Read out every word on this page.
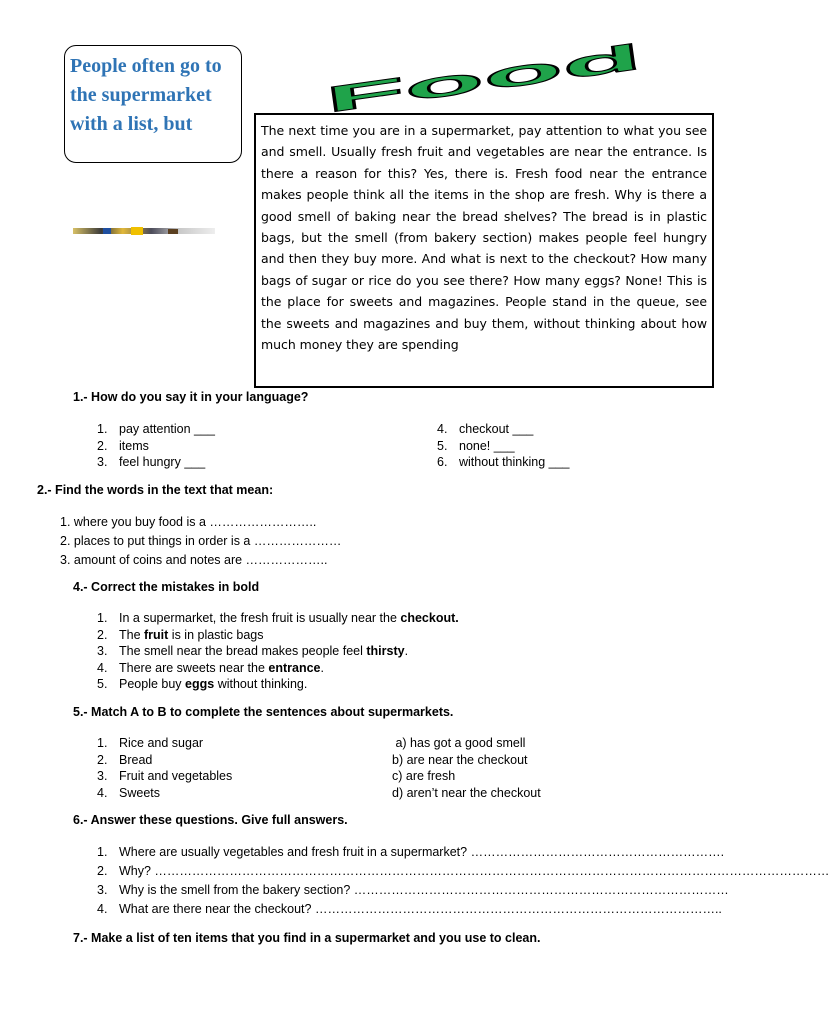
Food
People often go to the supermarket with a list, but	The next time you are in a supermarket, pay attention to what you see and smell. Usually fresh fruit and vegetables are near the entrance. Is there a reason for this? Yes, there is. Fresh food near the entrance makes people think all the items in the shop are fresh. Why is there a good smell of baking near the bread shelves? The bread is in plastic bags, but the smell (from bakery section) makes people feel hungry and then they buy more. And what is next to the checkout? How many bags of sugar or rice do you see there? How many eggs? None! This is the place for sweets and magazines. People stand in the queue, see the sweets and magazines and buy them, without thinking about how much money they are spending
1.- How do you say it in your language?
1. pay attention ___
2. items
3. feel hungry ___
4. checkout ___
5. none! ___
6. without thinking ___
2.- Find the words in the text that mean:
1. where you buy food is a ……………………..
2. places to put things in order is a …………………
3. amount of coins and notes are ………………..
4.- Correct the mistakes in bold
1. In a supermarket, the fresh fruit is usually near the checkout.
2. The fruit is in plastic bags
3. The smell near the bread makes people feel thirsty.
4. There are sweets near the entrance.
5. People buy eggs without thinking.
5.- Match A to B to complete the sentences about supermarkets.
1. Rice and sugar
2. Bread
3. Fruit and vegetables
4. Sweets
a) has got a good smell
b) are near the checkout
c) are fresh
d) aren’t near the checkout
6.- Answer these questions. Give full answers.
1. Where are usually vegetables and fresh fruit in a supermarket? …………………………………………………….
2. Why? ………………………………………………………………………………………………………………………………………………
3. Why is the smell from the bakery section? ………………………………………………………………………………
4. What are there near the checkout? ……………………………………………………………………………………..
7.- Make a list of ten items that you find in a supermarket and you use to clean.
